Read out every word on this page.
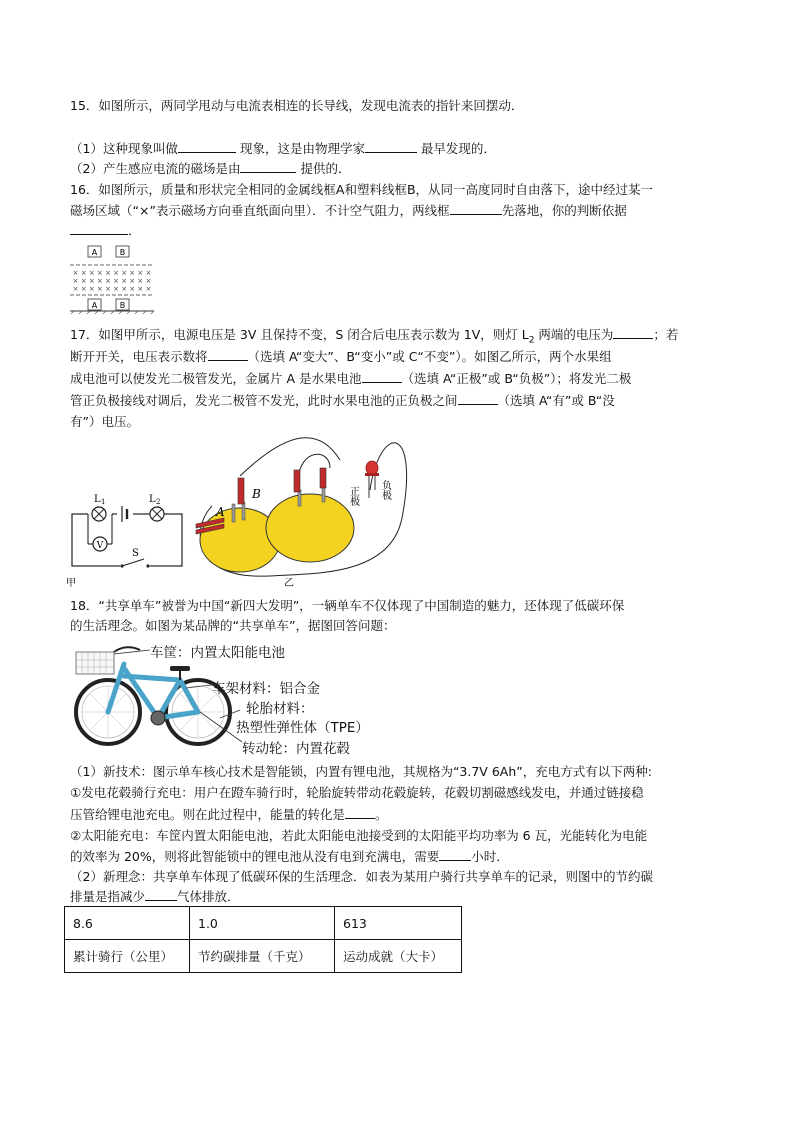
15．如图所示，两同学甩动与电流表相连的长导线，发现电流表的指针来回摆动．
（1）这种现象叫做	现象，这是由物理学家	最早发现的．
（2）产生感应电流的磁场是由	提供的．
16．如图所示，质量和形状完全相同的金属线框A和塑料线框B，从同一高度同时自由落下，途中经过某一
磁场区域（“×”表示磁场方向垂直纸面向里）．不计空气阻力，两线框	先落地，你的判断依据
．
A	B
× × × × × × × × × ×
× × × × × × × × × ×
× × × × × × × × × ×
A	B
17．如图甲所示，电源电压是 3V 且保持不变，S 闭合后电压表示数为 1V，则灯 $L_2$ 两端的电压为	；若
断开开关，电压表示数将	（选填 A“变大”、B“变小”或 C“不变”）。如图乙所示，两个水果组
成电池可以使发光二极管发光，金属片 A 是水果电池	（选填 A“正极”或 B“负极”）；将发光二极
管正负极接线对调后，发光二极管不发光，此时水果电池的正负极之间	（选填 A“有”或 B“没
有”）电压。
L 1	L 2
V
S
甲
A
B	正极 负极
乙
18．“共享单车”被誉为中国“新四大发明”，一辆单车不仅体现了中国制造的魅力，还体现了低碳环保
的生活理念。如图为某品牌的“共享单车”，据图回答问题：
车筐：内置太阳能电池
车架材料：铝合金
轮胎材料：
热塑性弹性体（TPE）
转动轮：内置花毂
（1）新技术：图示单车核心技术是智能锁，内置有锂电池，其规格为“3.7V 6Ah”，充电方式有以下两种:
①发电花毂骑行充电：用户在蹬车骑行时，轮胎旋转带动花毂旋转，花毂切割磁感线发电，并通过链接稳
压管给锂电池充电。则在此过程中，能量的转化是 。
②太阳能充电：车筐内置太阳能电池，若此太阳能电池接受到的太阳能平均功率为 6 瓦，光能转化为电能
的效率为 20%，则将此智能锁中的锂电池从没有电到充满电，需要	小时．
（2）新理念：共享单车体现了低碳环保的生活理念．如表为某用户骑行共享单车的记录，则图中的节约碳
排量是指减少	气体排放．
8.6	1.0	613
累计骑行（公里）	节约碳排量（千克）	运动成就（大卡）
